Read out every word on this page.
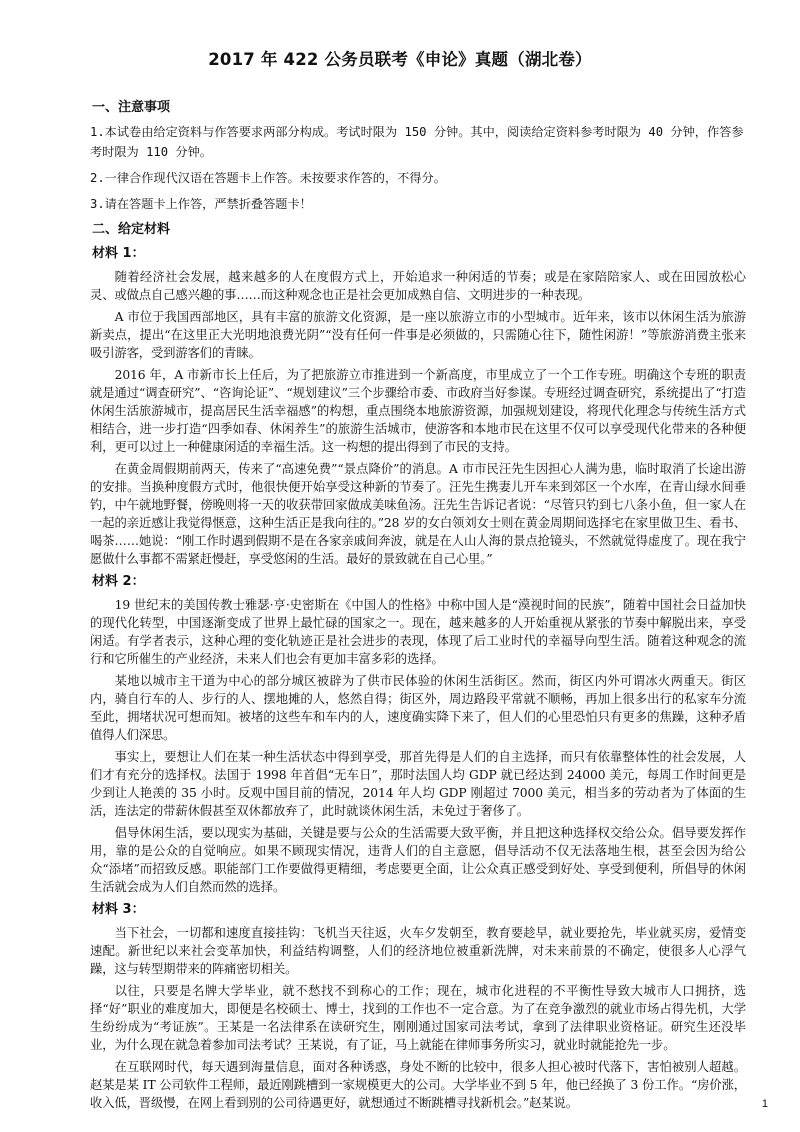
2017 年 422 公务员联考《申论》真题（湖北卷）
一、注意事项
1.本试卷由给定资料与作答要求两部分构成。考试时限为 150 分钟。其中，阅读给定资料参考时限为 40 分钟，作答参考时限为 110 分钟。
2.一律合作现代汉语在答题卡上作答。未按要求作答的，不得分。
3.请在答题卡上作答，严禁折叠答题卡！
二、给定材料
材料 1：

随着经济社会发展，越来越多的人在度假方式上，开始追求一种闲适的节奏；或是在家陪陪家人、或在田园放松心灵、或做点自己感兴趣的事……而这种观念也正是社会更加成熟自信、文明进步的一种表现。

A 市位于我国西部地区，具有丰富的旅游文化资源，是一座以旅游立市的小型城市。近年来，该市以休闲生活为旅游新卖点，提出“在这里正大光明地浪费光阴”“没有任何一件事是必须做的，只需随心往下，随性闲游！”等旅游消费主张来吸引游客，受到游客们的青睐。

2016 年，A 市新市长上任后，为了把旅游立市推进到一个新高度，市里成立了一个工作专班。明确这个专班的职责就是通过“调查研究”、“咨询论证”、“规划建议”三个步骤给市委、市政府当好参谋。专班经过调查研究，系统提出了“打造休闲生活旅游城市，提高居民生活幸福感”的构想，重点围绕本地旅游资源，加强规划建设，将现代化理念与传统生活方式相结合，进一步打造“四季如春、休闲养生”的旅游生活城市，使游客和本地市民在这里不仅可以享受现代化带来的各种便利，更可以过上一种健康闲适的幸福生活。这一构想的提出得到了市民的支持。

在黄金周假期前两天，传来了“高速免费”“景点降价”的消息。A 市市民汪先生因担心人满为患，临时取消了长途出游的安排。当换种度假方式时，他很快便开始享受这种新的节奏了。汪先生携妻儿开车来到郊区一个水库，在青山绿水间垂钓，中午就地野餐，傍晚则将一天的收获带回家做成美味鱼汤。汪先生告诉记者说：“尽管只钓到七八条小鱼，但一家人在一起的亲近感让我觉得惬意，这种生活正是我向往的。”28 岁的女白领刘女士则在黄金周期间选择宅在家里做卫生、看书、喝茶……她说：“刚工作时遇到假期不是在各家亲戚间奔波，就是在人山人海的景点抢镜头，不然就觉得虚度了。现在我宁愿做什么事都不需紧赶慢赶，享受悠闲的生活。最好的景致就在自己心里。”

材料 2：

19 世纪末的美国传教士雅瑟·亨·史密斯在《中国人的性格》中称中国人是“漠视时间的民族”，随着中国社会日益加快的现代化转型，中国逐渐变成了世界上最忙碌的国家之一。现在，越来越多的人开始重视从紧张的节奏中解脱出来，享受闲适。有学者表示，这种心理的变化轨迹正是社会进步的表现，体现了后工业时代的幸福导向型生活。随着这种观念的流行和它所催生的产业经济，未来人们也会有更加丰富多彩的选择。

某地以城市主干道为中心的部分城区被辟为了供市民体验的休闲生活街区。然而，街区内外可谓冰火两重天。街区内，骑自行车的人、步行的人、摆地摊的人，悠然自得；街区外，周边路段平常就不顺畅，再加上很多出行的私家车分流至此，拥堵状况可想而知。被堵的这些车和车内的人，速度确实降下来了，但人们的心里恐怕只有更多的焦躁，这种矛盾值得人们深思。

事实上，要想让人们在某一种生活状态中得到享受，那首先得是人们的自主选择，而只有依靠整体性的社会发展，人们才有充分的选择权。法国于 1998 年首倡“无车日”，那时法国人均 GDP 就已经达到 24000 美元，每周工作时间更是少到让人艳羡的 35 小时。反观中国目前的情况，2014 年人均 GDP 刚超过 7000 美元，相当多的劳动者为了体面的生活，连法定的带薪休假甚至双休都放弃了，此时就谈休闲生活，未免过于奢侈了。

倡导休闲生活，要以现实为基础，关键是要与公众的生活需要大致平衡，并且把这种选择权交给公众。倡导要发挥作用，靠的是公众的自觉响应。如果不顾现实情况，违背人们的自主意愿，倡导活动不仅无法落地生根，甚至会因为给公众“添堵”而招致反感。职能部门工作要做得更精细，考虑要更全面，让公众真正感受到好处、享受到便利，所倡导的休闲生活就会成为人们自然而然的选择。

材料 3：

当下社会，一切都和速度直接挂钩：飞机当天往返，火车夕发朝至，教育要趁早，就业要抢先，毕业就买房，爱情变速配。新世纪以来社会变革加快，利益结构调整，人们的经济地位被重新洗牌，对未来前景的不确定，使很多人心浮气躁，这与转型期带来的阵痛密切相关。

以往，只要是名牌大学毕业，就不愁找不到称心的工作；现在，城市化进程的不平衡性导致大城市人口拥挤，选择“好”职业的难度加大，即便是名校硕士、博士，找到的工作也不一定合意。为了在竞争激烈的就业市场占得先机，大学生纷纷成为“考证族”。王某是一名法律系在读研究生，刚刚通过国家司法考试，拿到了法律职业资格证。研究生还没毕业，为什么现在就急着参加司法考试？王某说，有了证，马上就能在律师事务所实习，就业时就能抢先一步。

在互联网时代，每天遇到海量信息，面对各种诱惑，身处不断的比较中，很多人担心被时代落下，害怕被别人超越。赵某是某 IT 公司软件工程师，最近刚跳槽到一家规模更大的公司。大学毕业不到 5 年，他已经换了 3 份工作。“房价涨，收入低，晋级慢，在网上看到别的公司待遇更好，就想通过不断跳槽寻找新机会。”赵某说。	1
